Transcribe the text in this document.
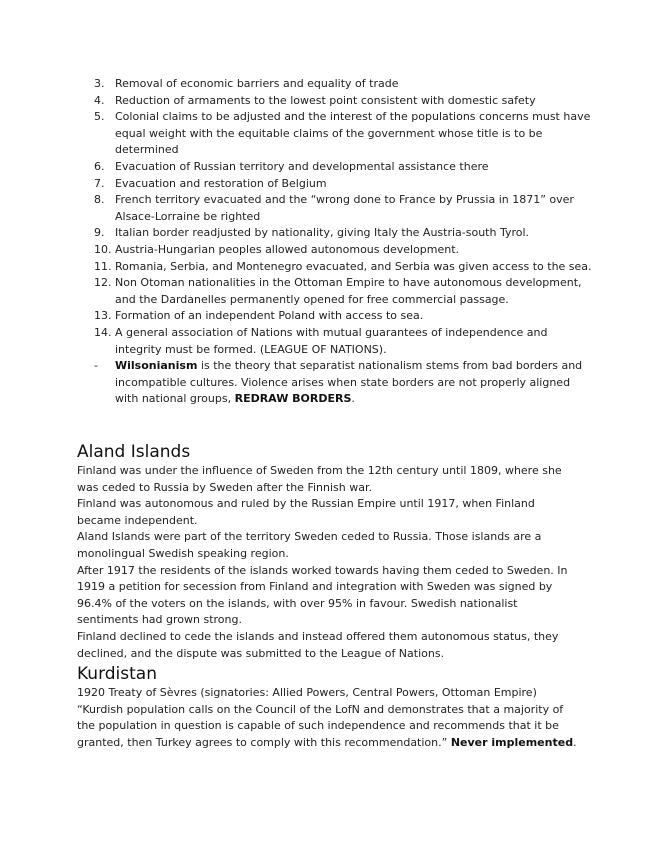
3. Removal of economic barriers and equality of trade
4. Reduction of armaments to the lowest point consistent with domestic safety
5. Colonial claims to be adjusted and the interest of the populations concerns must have equal weight with the equitable claims of the government whose title is to be determined
6. Evacuation of Russian territory and developmental assistance there
7. Evacuation and restoration of Belgium
8. French territory evacuated and the “wrong done to France by Prussia in 1871” over Alsace-Lorraine be righted
9. Italian border readjusted by nationality, giving Italy the Austria-south Tyrol.
10. Austria-Hungarian peoples allowed autonomous development.
11. Romania, Serbia, and Montenegro evacuated, and Serbia was given access to the sea.
12. Non Otoman nationalities in the Ottoman Empire to have autonomous development, and the Dardanelles permanently opened for free commercial passage.
13. Formation of an independent Poland with access to sea.
14. A general association of Nations with mutual guarantees of independence and integrity must be formed. (LEAGUE OF NATIONS).
-	Wilsonianism is the theory that separatist nationalism stems from bad borders and incompatible cultures. Violence arises when state borders are not properly aligned with national groups, REDRAW BORDERS.
Aland Islands

Finland was under the influence of Sweden from the 12th century until 1809, where she was ceded to Russia by Sweden after the Finnish war.

Finland was autonomous and ruled by the Russian Empire until 1917, when Finland became independent.

Aland Islands were part of the territory Sweden ceded to Russia. Those islands are a monolingual Swedish speaking region.

After 1917 the residents of the islands worked towards having them ceded to Sweden. In 1919 a petition for secession from Finland and integration with Sweden was signed by 96.4% of the voters on the islands, with over 95% in favour. Swedish nationalist sentiments had grown strong.

Finland declined to cede the islands and instead offered them autonomous status, they declined, and the dispute was submitted to the League of Nations.

Kurdistan

1920 Treaty of Sèvres (signatories: Allied Powers, Central Powers, Ottoman Empire)

“Kurdish population calls on the Council of the LofN and demonstrates that a majority of the population in question is capable of such independence and recommends that it be granted, then Turkey agrees to comply with this recommendation.” Never implemented.
